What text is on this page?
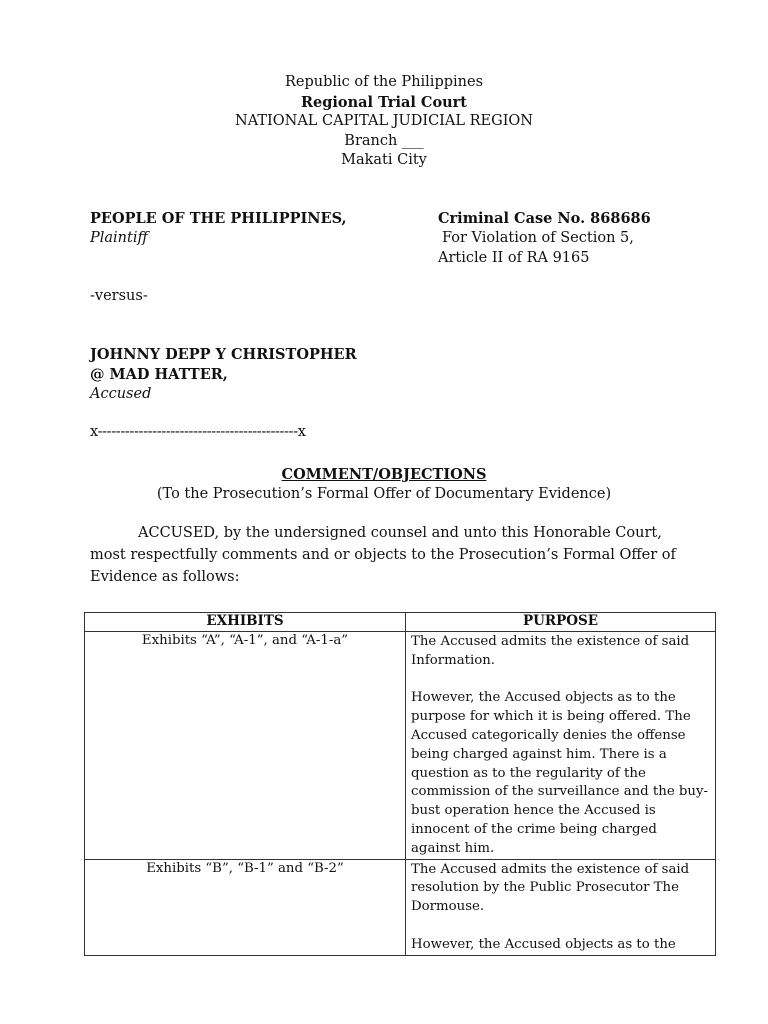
Republic of the Philippines
Regional Trial Court
NATIONAL CAPITAL JUDICIAL REGION
Branch ___
Makati City
PEOPLE OF THE PHILIPPINES,
Plaintiff
Criminal Case No. 868686
For Violation of Section 5,
Article II of RA 9165
-versus-
JOHNNY DEPP Y CHRISTOPHER
@ MAD HATTER,
Accused
x--------------------------------------------x
COMMENT/OBJECTIONS
(To the Prosecution’s Formal Offer of Documentary Evidence)
ACCUSED, by the undersigned counsel and unto this Honorable Court, most respectfully comments and or objects to the Prosecution’s Formal Offer of Evidence as follows:
EXHIBITS	PURPOSE
Exhibits “A”, “A-1”, and “A-1-a”	The Accused admits the existence of said Information.
However, the Accused objects as to the purpose for which it is being offered. The Accused categorically denies the offense being charged against him. There is a question as to the regularity of the commission of the surveillance and the buy-bust operation hence the Accused is innocent of the crime being charged against him.

Exhibits “B”, “B-1” and “B-2”	The Accused admits the existence of said resolution by the Public Prosecutor The Dormouse.
However, the Accused objects as to the
